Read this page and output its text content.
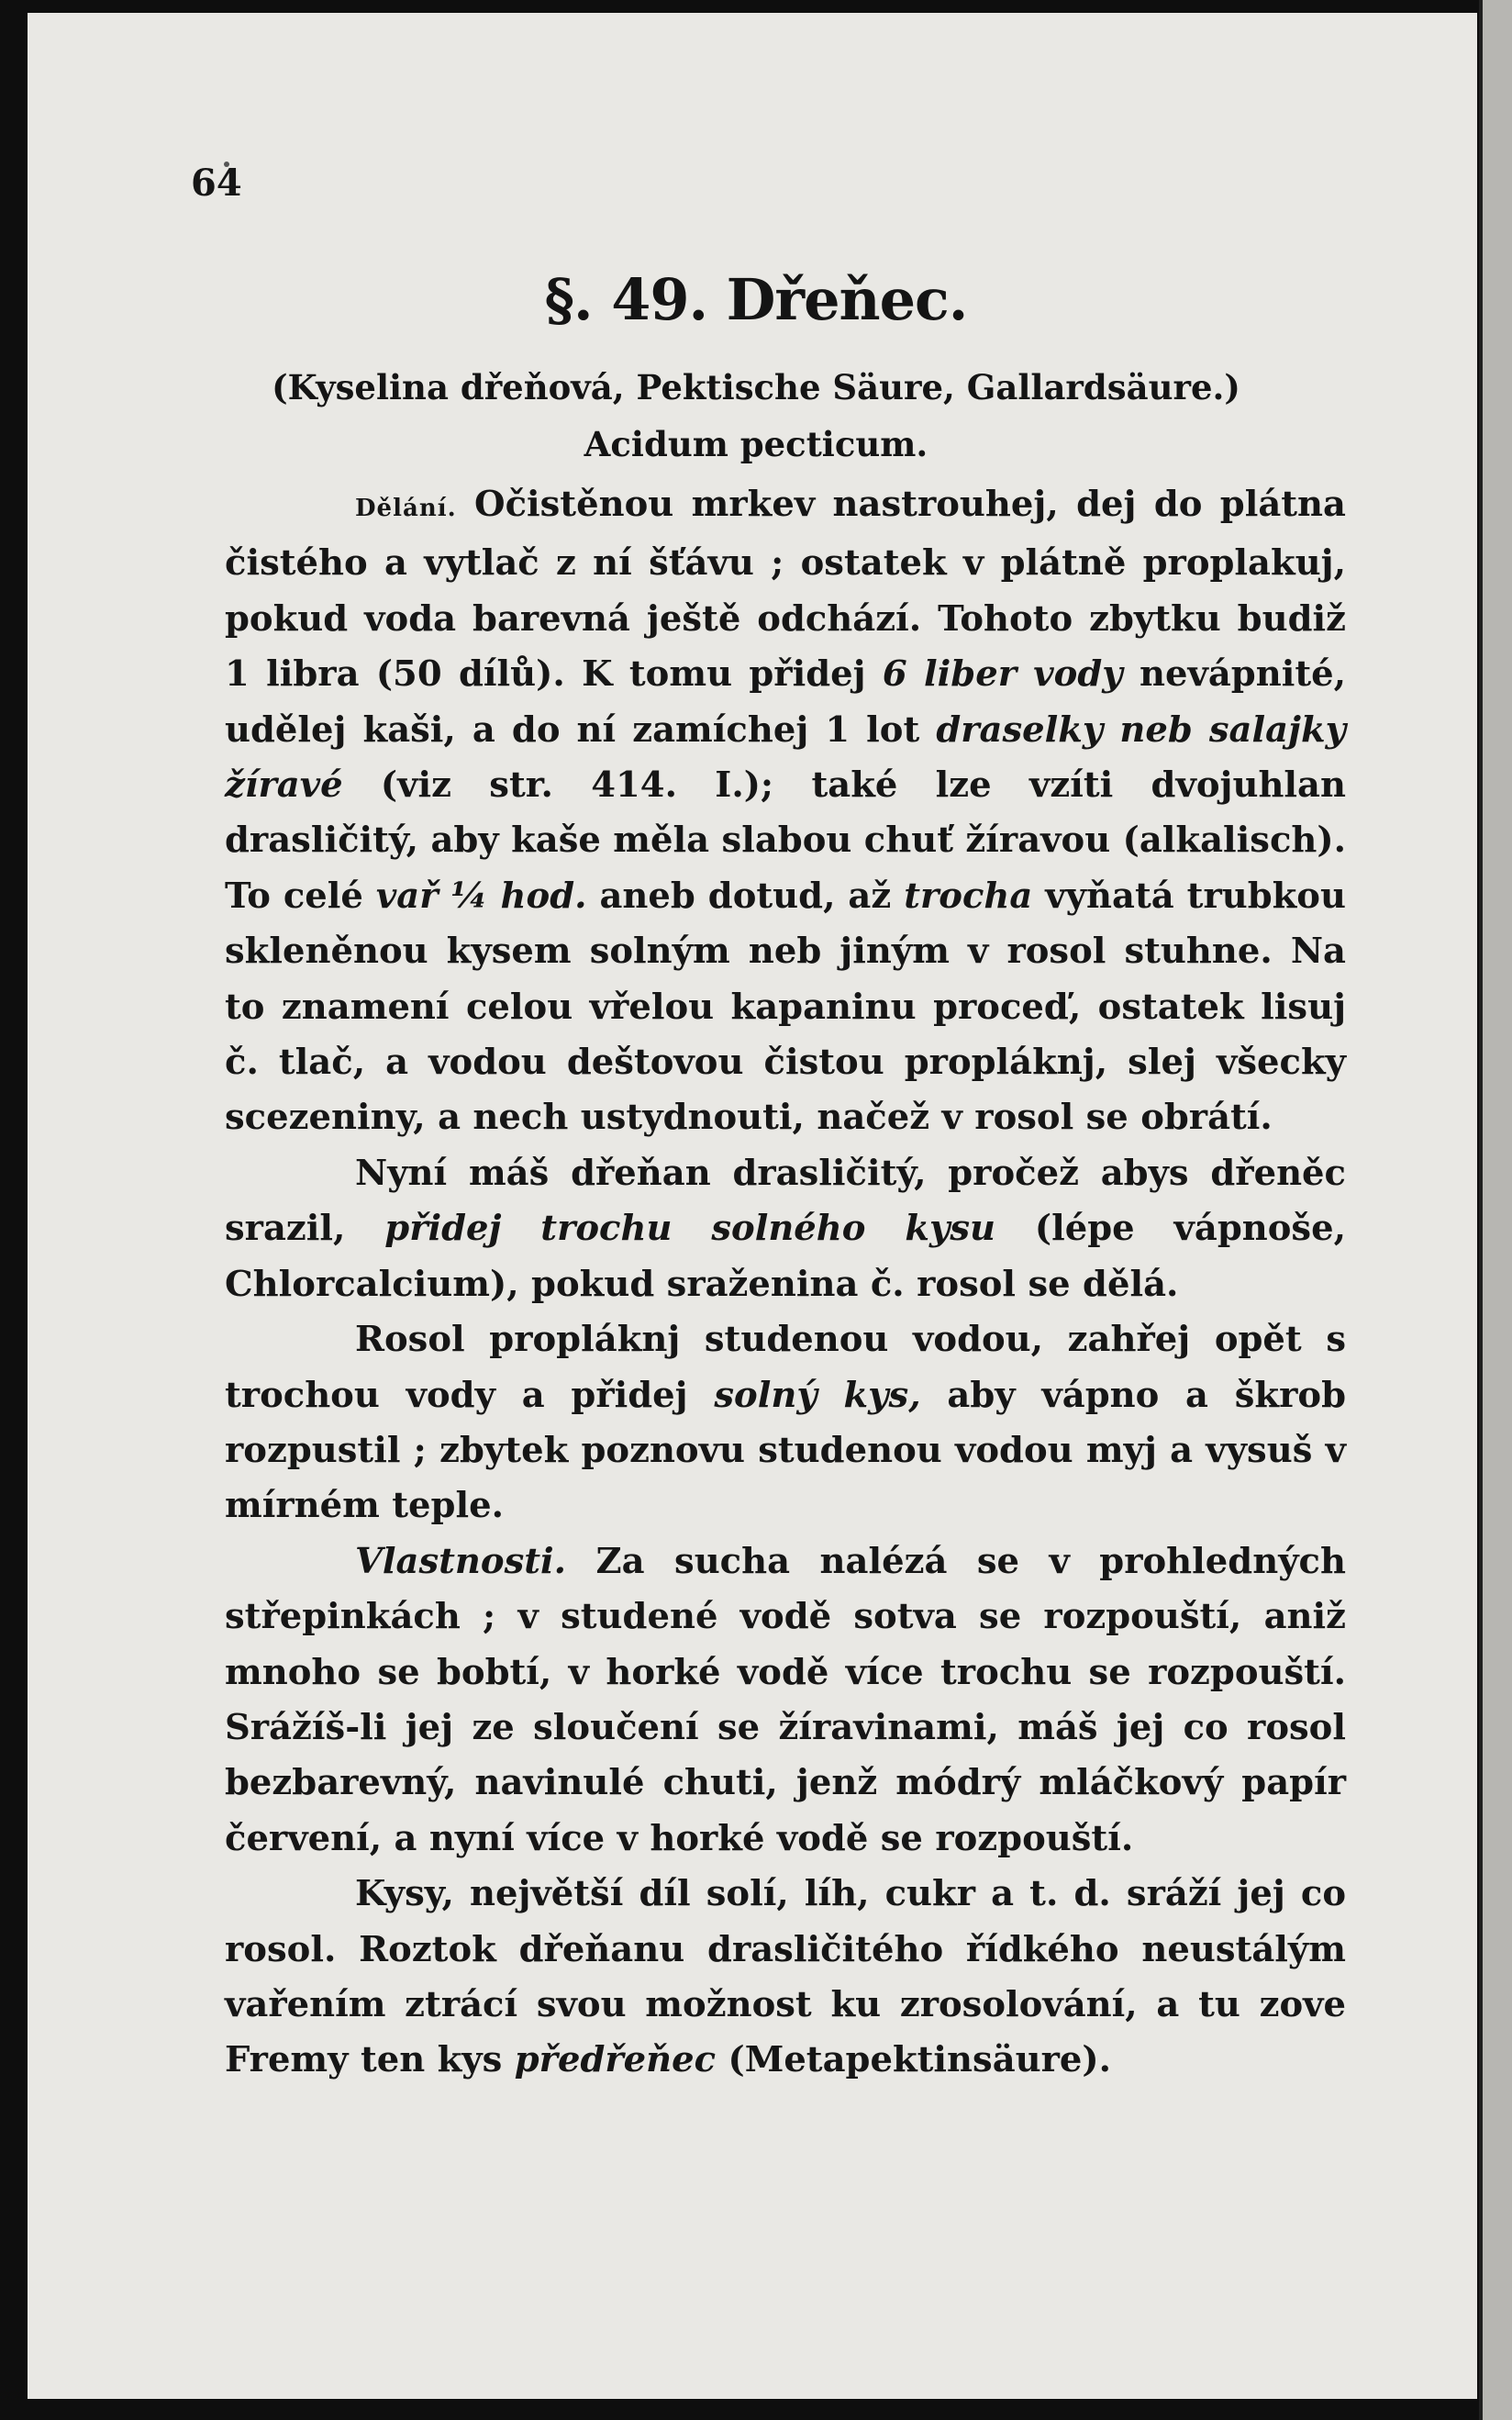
64
§. 49. Dřeňec.
(Kyselina dřeňová, Pektische Säure, Gallardsäure.)
Acidum pecticum.

Dělání. Očistěnou mrkev nastrouhej, dej do plátna čistého a vytlač z ní šťávu ; ostatek v plátně proplakuj, pokud voda barevná ještě odchází. Tohoto zbytku budiž 1 libra (50 dílů). K tomu přidej 6 liber vody nevápnité, udělej kaši, a do ní zamíchej 1 lot draselky neb salajky žíravé (viz str. 414. I.); také lze vzíti dvojuhlan drasličitý, aby kaše měla slabou chuť žíravou (alkalisch). To celé vař ¼ hod. aneb dotud, až trocha vyňatá trubkou skleněnou kysem solným neb jiným v rosol stuhne. Na to znamení celou vřelou kapaninu proceď, ostatek lisuj č. tlač, a vodou deštovou čistou propláknj, slej všecky scezeniny, a nech ustydnouti, načež v rosol se obrátí.

Nyní máš dřeňan drasličitý, pročež abys dřeněc srazil, přidej trochu solného kysu (lépe vápnoše, Chlorcalcium), pokud sraženina č. rosol se dělá.

Rosol propláknj studenou vodou, zahřej opět s trochou vody a přidej solný kys, aby vápno a škrob rozpustil ; zbytek poznovu studenou vodou myj a vysuš v mírném teple.

Vlastnosti. Za sucha nalézá se v prohledných střepinkách ; v studené vodě sotva se rozpouští, aniž mnoho se bobtí, v horké vodě více trochu se rozpouští. Srážíš-li jej ze sloučení se žíravinami, máš jej co rosol bezbarevný, navinulé chuti, jenž módrý mláčkový papír červení, a nyní více v horké vodě se rozpouští.

Kysy, největší díl solí, líh, cukr a t. d. sráží jej co rosol. Roztok dřeňanu drasličitého řídkého neustálým vařením ztrácí svou možnost ku zrosolování, a tu zove Fremy ten kys předřeňec (Metapektinsäure).
